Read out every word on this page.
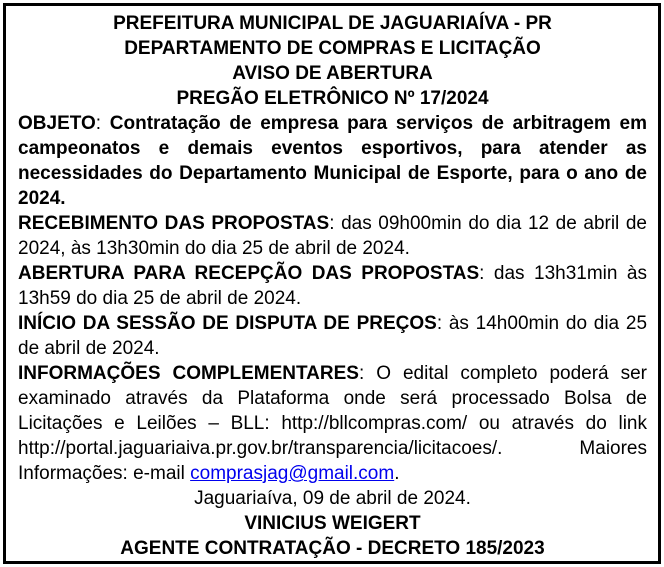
PREFEITURA MUNICIPAL DE JAGUARIAÍVA - PR
DEPARTAMENTO DE COMPRAS E LICITAÇÃO
AVISO DE ABERTURA
PREGÃO ELETRÔNICO Nº 17/2024

OBJETO: Contratação de empresa para serviços de arbitragem em campeonatos e demais eventos esportivos, para atender as necessidades do Departamento Municipal de Esporte, para o ano de 2024.

RECEBIMENTO DAS PROPOSTAS: das 09h00min do dia 12 de abril de 2024, às 13h30min do dia 25 de abril de 2024.

ABERTURA PARA RECEPÇÃO DAS PROPOSTAS: das 13h31min às 13h59 do dia 25 de abril de 2024.

INÍCIO DA SESSÃO DE DISPUTA DE PREÇOS: às 14h00min do dia 25 de abril de 2024.

INFORMAÇÕES COMPLEMENTARES: O edital completo poderá ser examinado através da Plataforma onde será processado Bolsa de Licitações e Leilões – BLL: http://bllcompras.com/ ou através do link http://portal.jaguariaiva.pr.gov.br/transparencia/licitacoes/. Maiores Informações: e-mail comprasjag@gmail.com.

Jaguariaíva, 09 de abril de 2024.

VINICIUS WEIGERT

AGENTE CONTRATAÇÃO - DECRETO 185/2023
